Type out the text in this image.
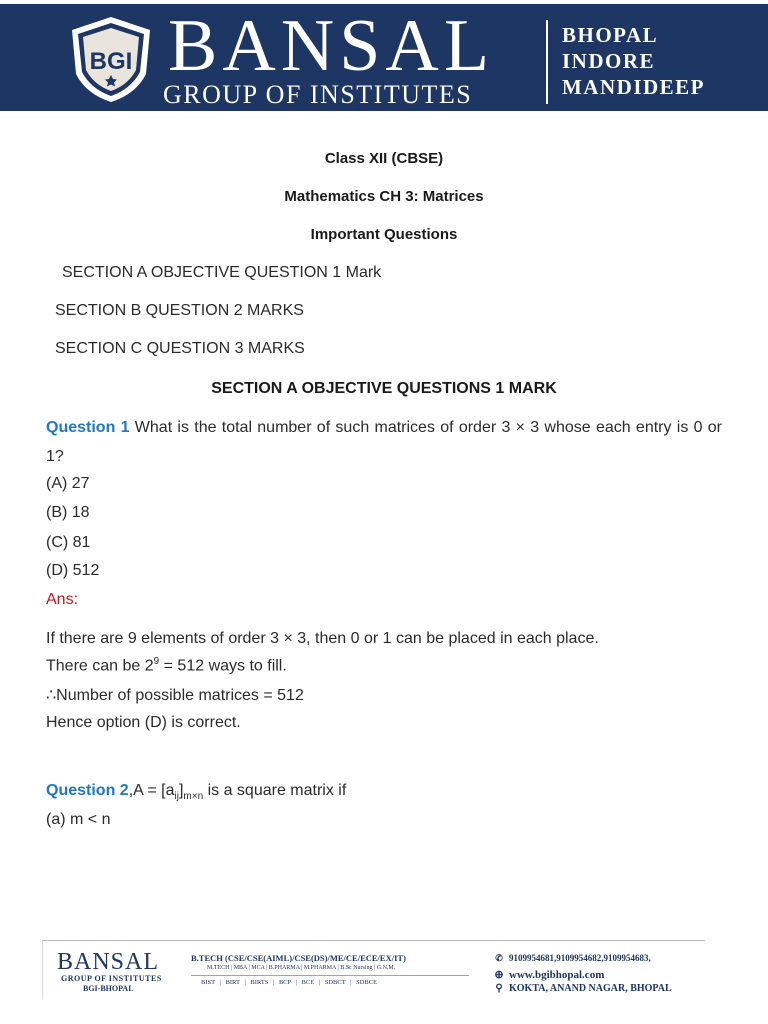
BGI BANSAL
GROUP OF INSTITUTES
BHOPAL
INDORE
MANDIDEEP
Class XII (CBSE)
Mathematics CH 3: Matrices
Important Questions
SECTION A OBJECTIVE QUESTION 1 Mark
SECTION B QUESTION 2 MARKS
SECTION C QUESTION 3 MARKS
SECTION A OBJECTIVE QUESTIONS 1 MARK
Question 1 What is the total number of such matrices of order 3 × 3 whose each entry is 0 or 1?
(A) 27
(B) 18
(C) 81
(D) 512
Ans:
If there are 9 elements of order 3 × 3, then 0 or 1 can be placed in each place.
There can be $2^9 = 512$ ways to fill.
∴Number of possible matrices = 512
Hence option (D) is correct.
Question $2,A = [a_{ij}]_{m\times n}$ is a square matrix if
(a) m < n
BANSAL
GROUP OF INSTITUTES
BGI-BHOPAL
B.TECH (CSE/CSE(AIML)/CSE(DS)/ME/CE/ECE/EX/IT)
M.TECH | MBA | MCA | B.PHARMA | M.PHARMA | B.Sc Nursing | G.N.M.
BIST | BIRT | BIRTS | BCP | BCE | SDBCT | SDBCE
✆ 9109954681,9109954682,9109954683,
⊕ www.bgibhopal.com
⚲ KOKTA, ANAND NAGAR, BHOPAL
